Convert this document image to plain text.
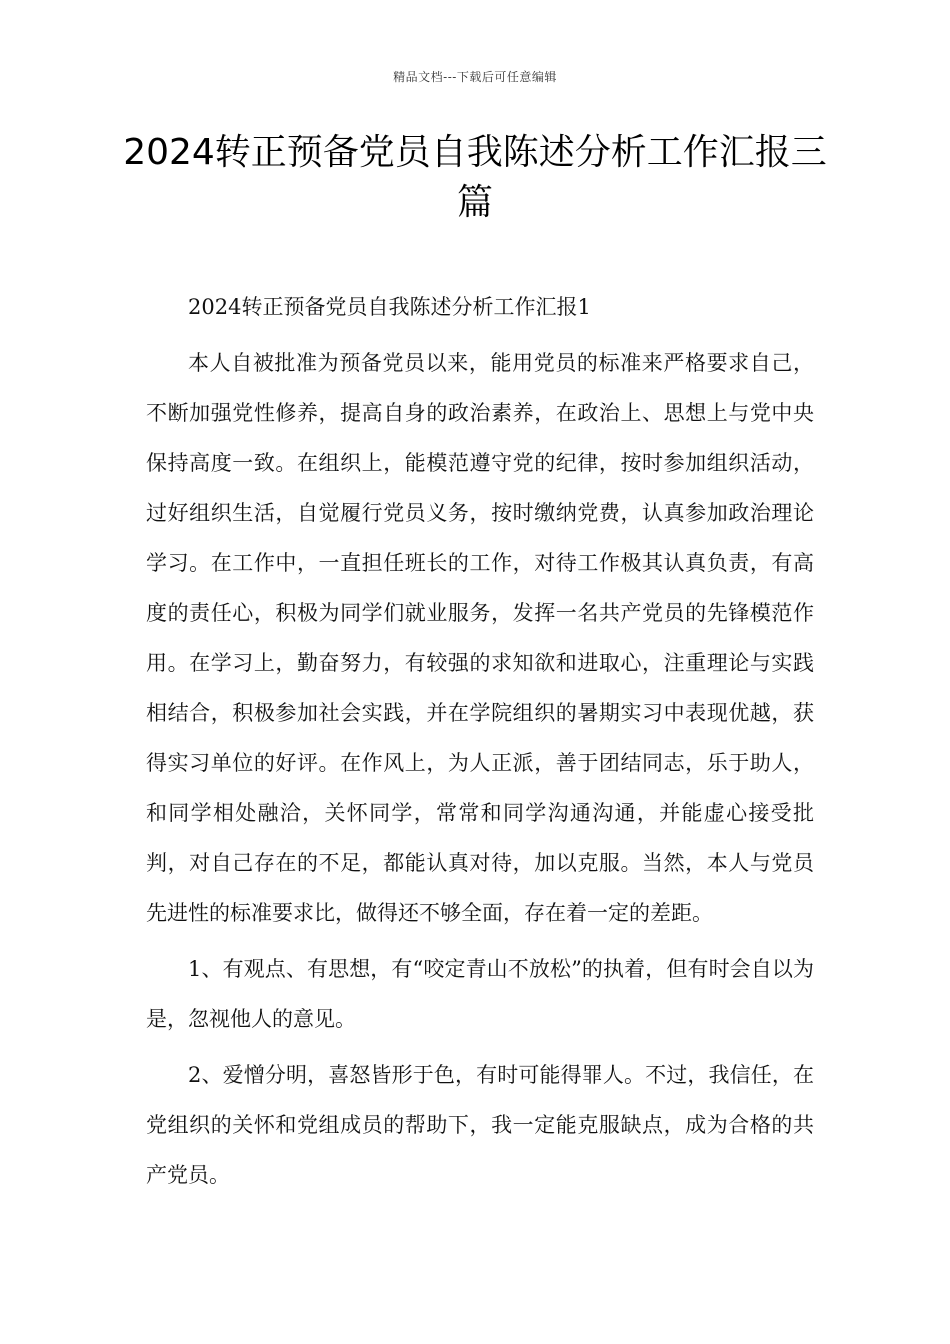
精品文档---下载后可任意编辑
2024转正预备党员自我陈述分析工作汇报三篇

2024转正预备党员自我陈述分析工作汇报1

本人自被批准为预备党员以来，能用党员的标准来严格要求自己，不断加强党性修养，提高自身的政治素养，在政治上、思想上与党中央保持高度一致。在组织上，能模范遵守党的纪律，按时参加组织活动，过好组织生活，自觉履行党员义务，按时缴纳党费，认真参加政治理论学习。在工作中，一直担任班长的工作，对待工作极其认真负责，有高度的责任心，积极为同学们就业服务，发挥一名共产党员的先锋模范作用。在学习上，勤奋努力，有较强的求知欲和进取心，注重理论与实践相结合，积极参加社会实践，并在学院组织的暑期实习中表现优越，获得实习单位的好评。在作风上，为人正派，善于团结同志，乐于助人，和同学相处融洽，关怀同学，常常和同学沟通沟通，并能虚心接受批判，对自己存在的不足，都能认真对待，加以克服。当然，本人与党员先进性的标准要求比，做得还不够全面，存在着一定的差距。

1、有观点、有思想，有“咬定青山不放松”的执着，但有时会自以为是，忽视他人的意见。

2、爱憎分明，喜怒皆形于色，有时可能得罪人。不过，我信任，在党组织的关怀和党组成员的帮助下，我一定能克服缺点，成为合格的共产党员。
